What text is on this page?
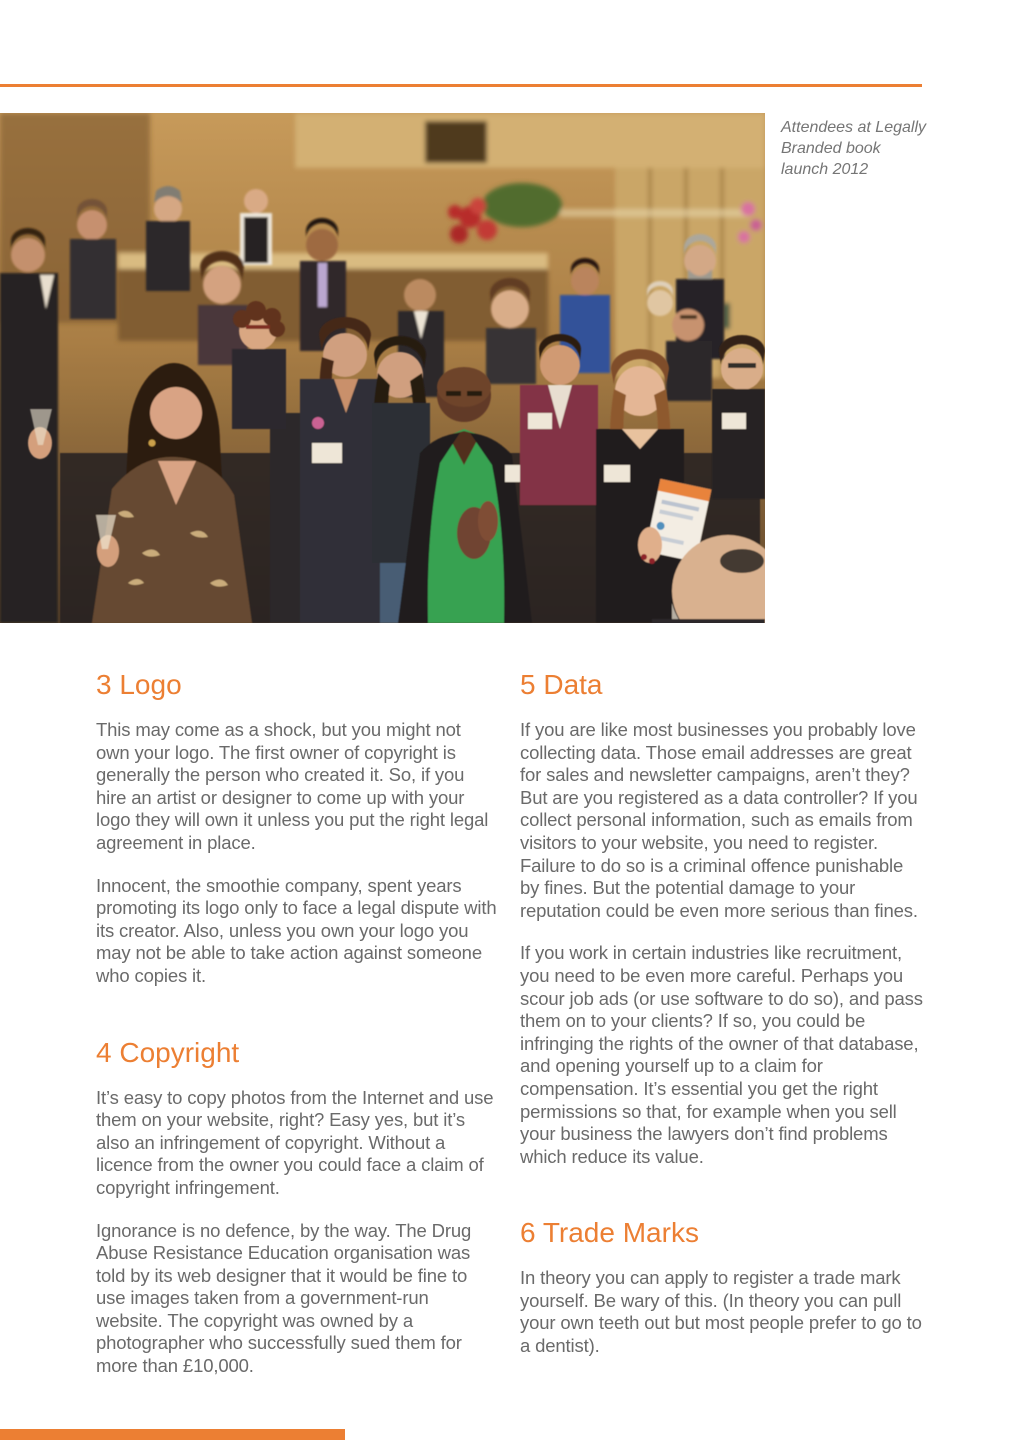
Attendees at Legally
Branded book
launch 2012
3 Logo

This may come as a shock, but you might not own your logo. The first owner of copyright is generally the person who created it. So, if you hire an artist or designer to come up with your logo they will own it unless you put the right legal agreement in place.

Innocent, the smoothie company, spent years promoting its logo only to face a legal dispute with its creator. Also, unless you own your logo you may not be able to take action against someone who copies it.

4 Copyright

It’s easy to copy photos from the Internet and use them on your website, right? Easy yes, but it’s also an infringement of copyright. Without a licence from the owner you could face a claim of copyright infringement.

Ignorance is no defence, by the way. The Drug Abuse Resistance Education organisation was told by its web designer that it would be fine to use images taken from a government-run website. The copyright was owned by a photographer who successfully sued them for more than £10,000.

5 Data

If you are like most businesses you probably love collecting data. Those email addresses are great for sales and newsletter campaigns, aren’t they? But are you registered as a data controller? If you collect personal information, such as emails from visitors to your website, you need to register. Failure to do so is a criminal offence punishable by fines. But the potential damage to your reputation could be even more serious than fines.

If you work in certain industries like recruitment, you need to be even more careful. Perhaps you scour job ads (or use software to do so), and pass them on to your clients? If so, you could be infringing the rights of the owner of that database, and opening yourself up to a claim for compensation. It’s essential you get the right permissions so that, for example when you sell your business the lawyers don’t find problems which reduce its value.

6 Trade Marks

In theory you can apply to register a trade mark yourself. Be wary of this. (In theory you can pull your own teeth out but most people prefer to go to a dentist).
